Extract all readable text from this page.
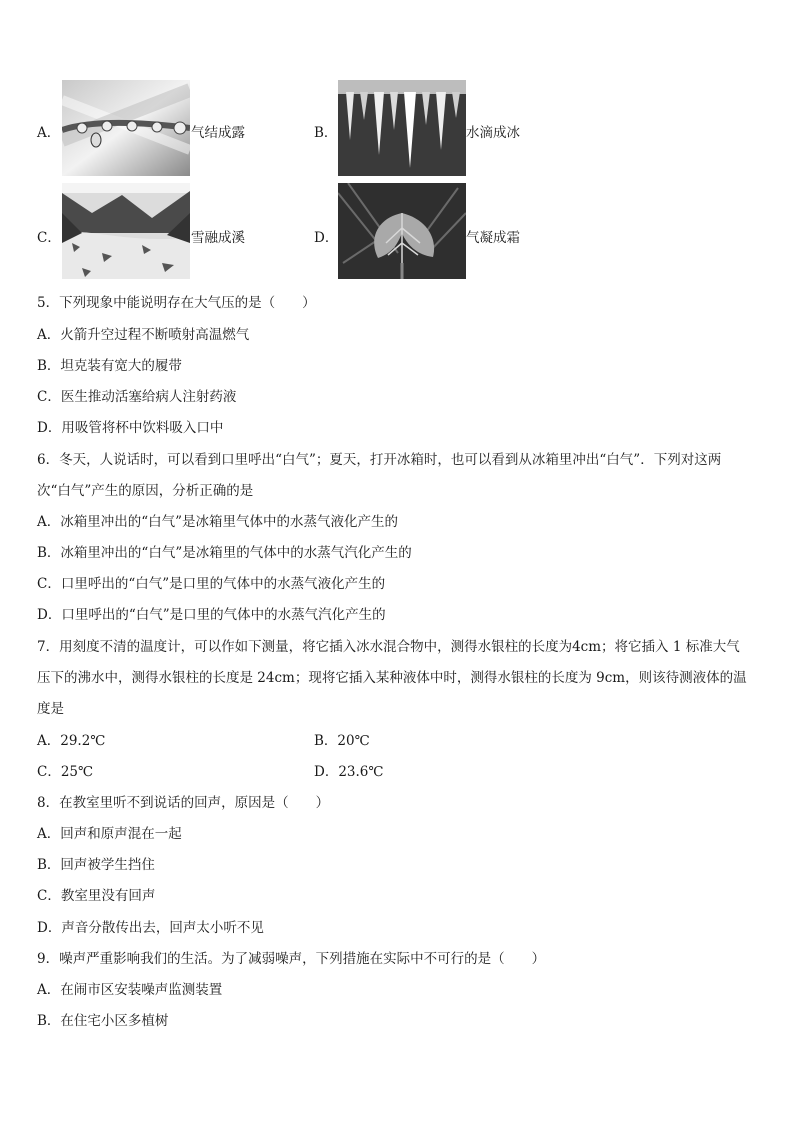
A．	气结成露	B．	水滴成冰
C．	雪融成溪	D．	气凝成霜
5．下列现象中能说明存在大气压的是（　　）
A．火箭升空过程不断喷射高温燃气
B．坦克装有宽大的履带
C．医生推动活塞给病人注射药液
D．用吸管将杯中饮料吸入口中
6．冬天，人说话时，可以看到口里呼出“白气”；夏天，打开冰箱时，也可以看到从冰箱里冲出“白气”．下列对这两
次“白气”产生的原因，分析正确的是
A．冰箱里冲出的“白气”是冰箱里气体中的水蒸气液化产生的
B．冰箱里冲出的“白气”是冰箱里的气体中的水蒸气汽化产生的
C．口里呼出的“白气”是口里的气体中的水蒸气液化产生的
D．口里呼出的“白气”是口里的气体中的水蒸气汽化产生的
7．用刻度不清的温度计，可以作如下测量，将它插入冰水混合物中，测得水银柱的长度为4cm；将它插入 1 标准大气
压下的沸水中，测得水银柱的长度是 24cm；现将它插入某种液体中时，测得水银柱的长度为 9cm，则该待测液体的温
度是
A．29.2℃	B．20℃
C．25℃	D．23.6℃
8．在教室里听不到说话的回声，原因是（　　）
A．回声和原声混在一起
B．回声被学生挡住
C．教室里没有回声
D．声音分散传出去，回声太小听不见
9．噪声严重影响我们的生活。为了减弱噪声，下列措施在实际中不可行的是（　　）
A．在闹市区安装噪声监测装置
B．在住宅小区多植树
